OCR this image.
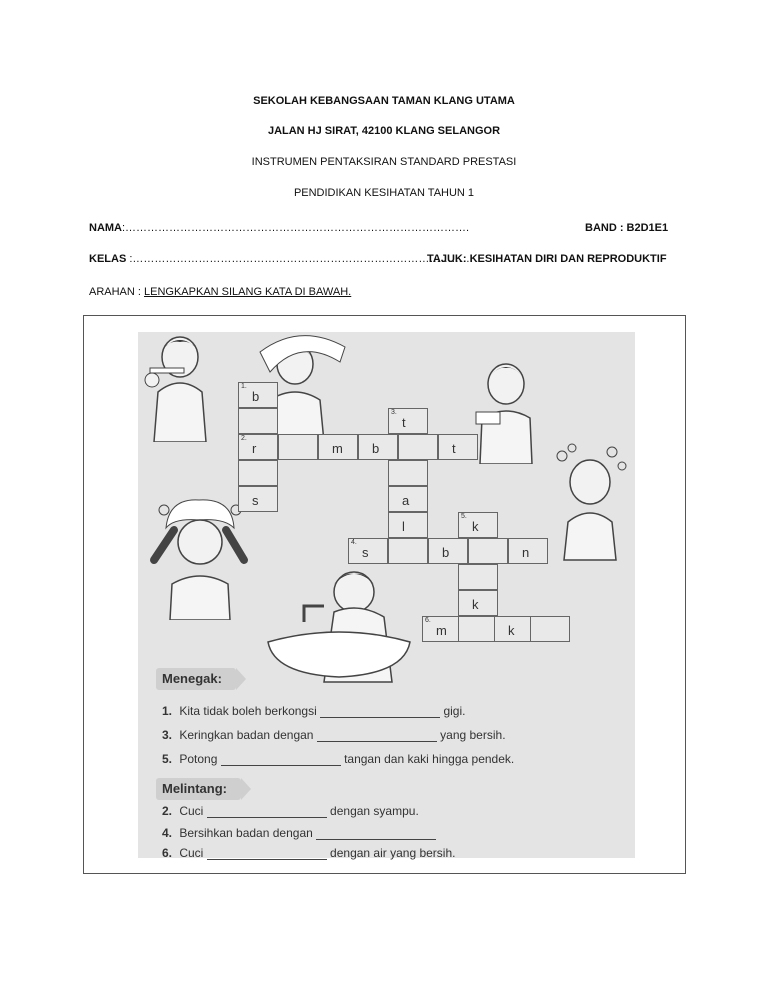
SEKOLAH KEBANGSAAN TAMAN KLANG UTAMA
JALAN HJ SIRAT, 42100 KLANG SELANGOR
INSTRUMEN PENTAKSIRAN STANDARD PRESTASI
PENDIDIKAN KESIHATAN TAHUN 1
NAMA:………………………………………………………………………………….	BAND : B2D1E1
KELAS :…………………………………………………………………………………
TAJUK: KESIHATAN DIRI DAN REPRODUKTIF
ARAHAN : LENGKAPKAN SILANG KATA DI BAWAH.
1.
b
2.
r	m b	t
s
3.
t
a
l
4.
s	b	n
5.
k
k
6.
m	k
Menegak:
1. Kita tidak boleh berkongsi	gigi.
3. Keringkan badan dengan	yang bersih.
5. Potong	tangan dan kaki hingga pendek.
Melintang:
2. Cuci	dengan syampu.
4. Bersihkan badan dengan
6. Cuci	dengan air yang bersih.
